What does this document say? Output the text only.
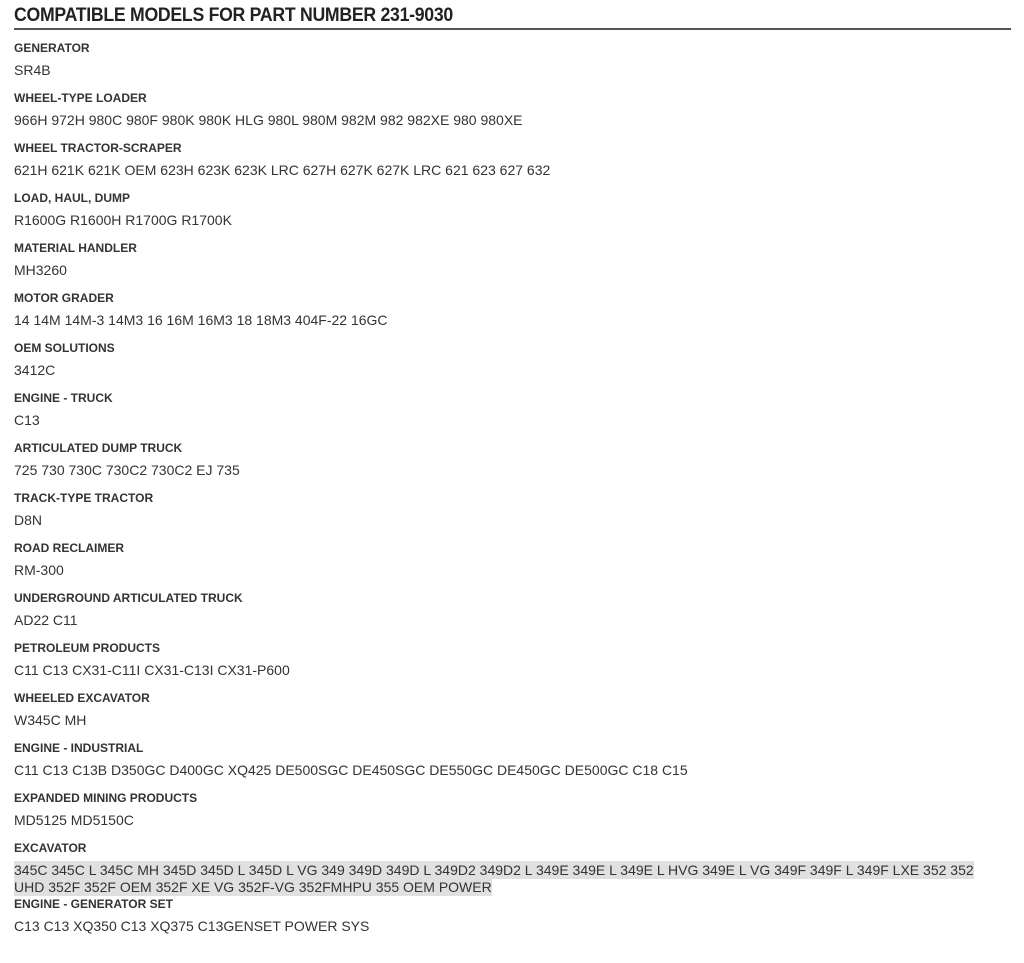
COMPATIBLE MODELS FOR PART NUMBER 231-9030
GENERATOR
SR4B
WHEEL-TYPE LOADER
966H 972H 980C 980F 980K 980K HLG 980L 980M 982M 982 982XE 980 980XE
WHEEL TRACTOR-SCRAPER
621H 621K 621K OEM 623H 623K 623K LRC 627H 627K 627K LRC 621 623 627 632
LOAD, HAUL, DUMP
R1600G R1600H R1700G R1700K
MATERIAL HANDLER
MH3260
MOTOR GRADER
14 14M 14M-3 14M3 16 16M 16M3 18 18M3 404F-22 16GC
OEM SOLUTIONS
3412C
ENGINE - TRUCK
C13
ARTICULATED DUMP TRUCK
725 730 730C 730C2 730C2 EJ 735
TRACK-TYPE TRACTOR
D8N
ROAD RECLAIMER
RM-300
UNDERGROUND ARTICULATED TRUCK
AD22 C11
PETROLEUM PRODUCTS
C11 C13 CX31-C11I CX31-C13I CX31-P600
WHEELED EXCAVATOR
W345C MH
ENGINE - INDUSTRIAL
C11 C13 C13B D350GC D400GC XQ425 DE500SGC DE450SGC DE550GC DE450GC DE500GC C18 C15
EXPANDED MINING PRODUCTS
MD5125 MD5150C
EXCAVATOR
345C 345C L 345C MH 345D 345D L 345D L VG 349 349D 349D L 349D2 349D2 L 349E 349E L 349E L HVG 349E L VG 349F 349F L 349F LXE 352 352 UHD 352F 352F OEM 352F XE VG 352F-VG 352FMHPU 355 OEM POWER
ENGINE - GENERATOR SET
C13 C13 XQ350 C13 XQ375 C13GENSET POWER SYS
